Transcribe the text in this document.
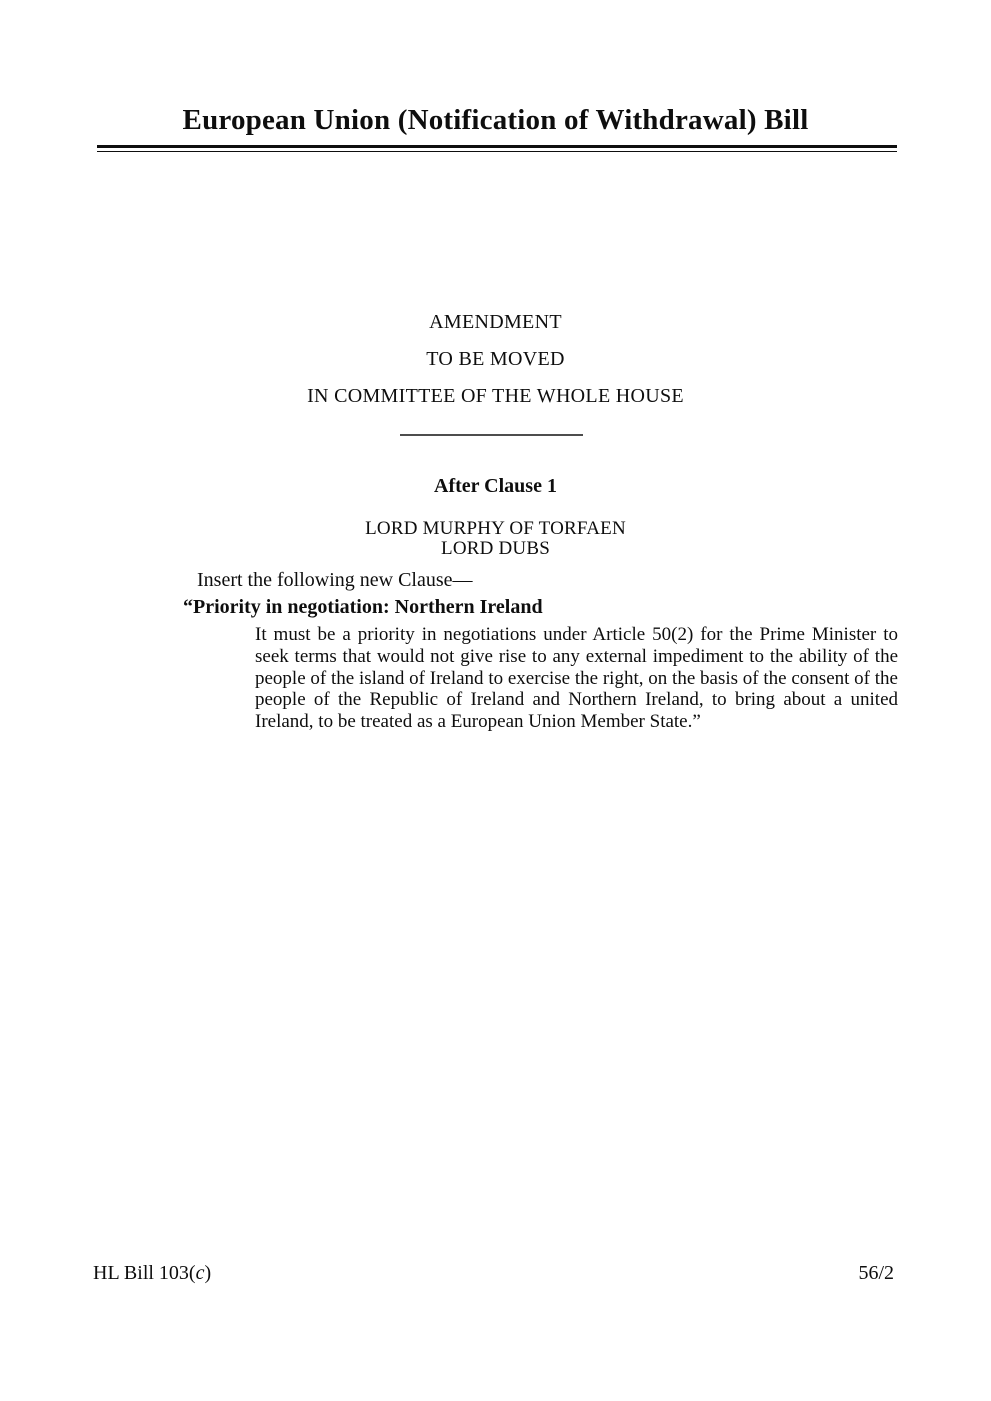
European Union (Notification of Withdrawal) Bill
AMENDMENT
TO BE MOVED
IN COMMITTEE OF THE WHOLE HOUSE
After Clause 1
LORD MURPHY OF TORFAEN
LORD DUBS
Insert the following new Clause—
“Priority in negotiation: Northern Ireland

It must be a priority in negotiations under Article 50(2) for the Prime Minister to seek terms that would not give rise to any external impediment to the ability of the people of the island of Ireland to exercise the right, on the basis of the consent of the people of the Republic of Ireland and Northern Ireland, to bring about a united Ireland, to be treated as a European Union Member State.”

HL Bill 103(c)	56/2
